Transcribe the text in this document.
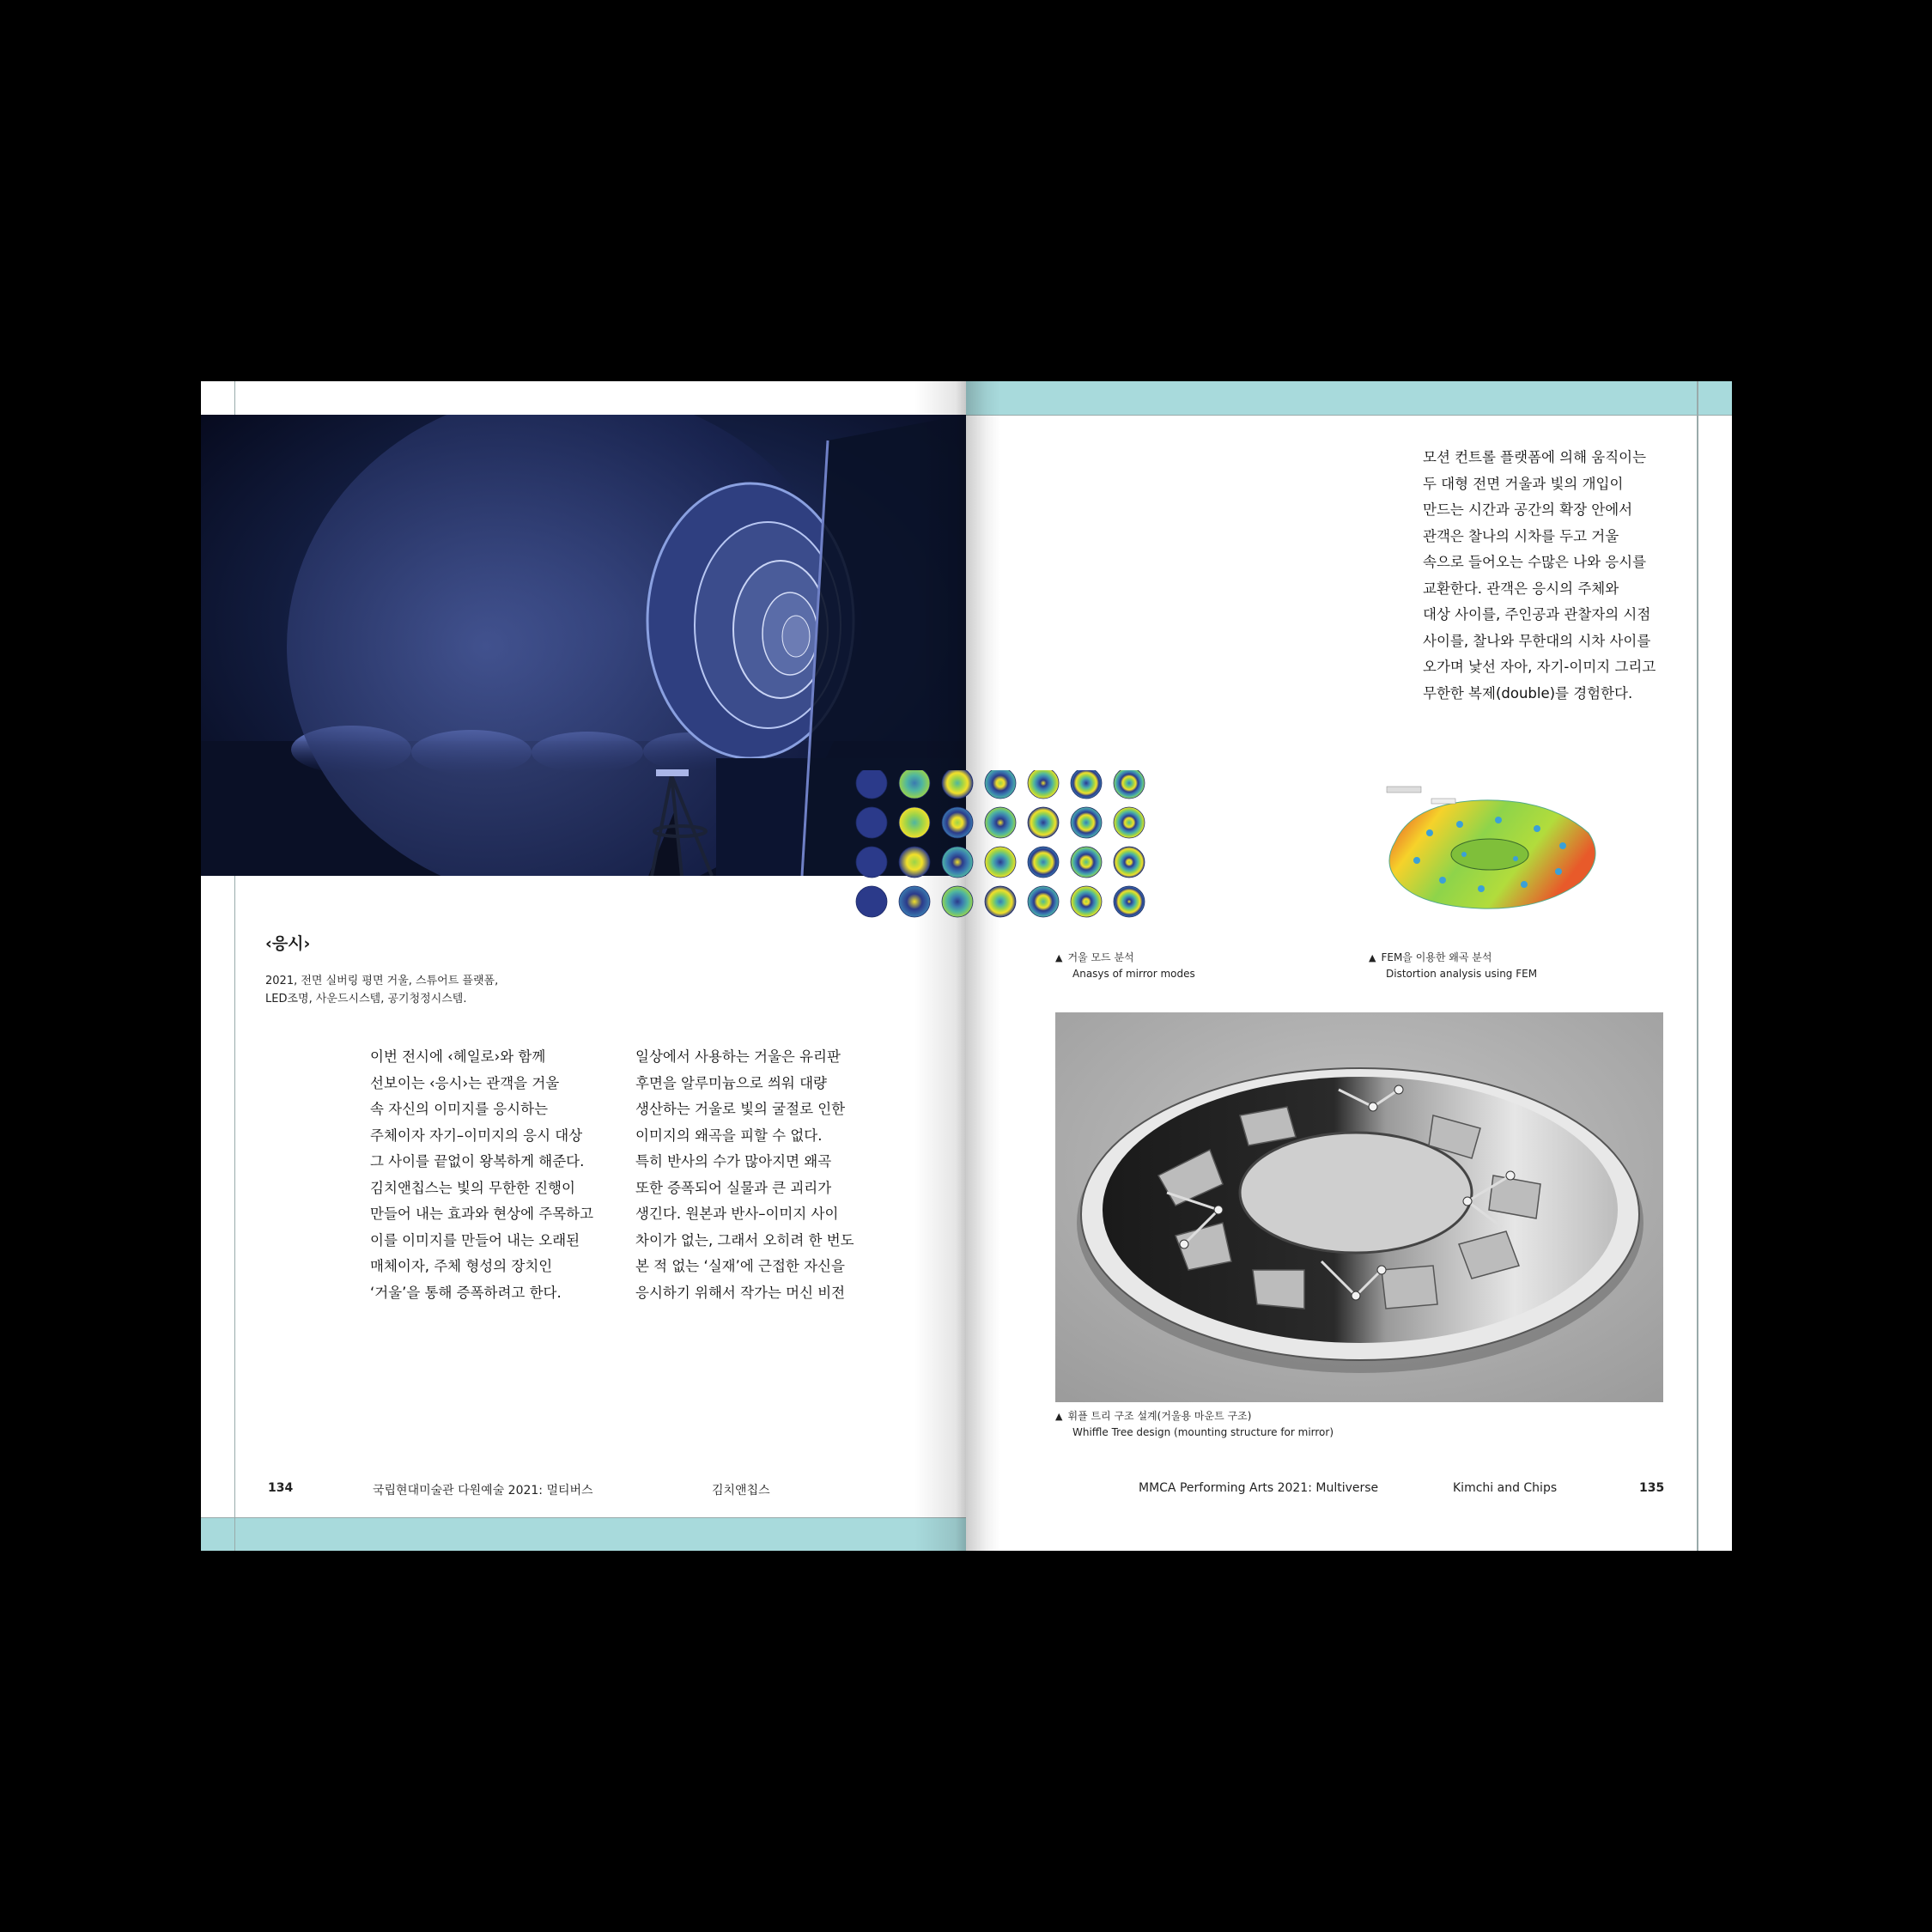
‹응시›
2021, 전면 실버링 평면 거울, 스튜어트 플랫폼,
LED조명, 사운드시스템, 공기청정시스템.
134	국립현대미술관 다원예술 2021: 멀티버스	김치앤칩스
모션 컨트롤 플랫폼에 의해 움직이는
두 대형 전면 거울과 빛의 개입이
만드는 시간과 공간의 확장 안에서
관객은 찰나의 시차를 두고 거울
속으로 들어오는 수많은 나와 응시를
교환한다. 관객은 응시의 주체와
대상 사이를, 주인공과 관찰자의 시점
사이를, 찰나와 무한대의 시차 사이를
오가며 낯선 자아, 자기-이미지 그리고
무한한 복제(double)를 경험한다.
이번 전시에 ‹헤일로›와 함께
선보이는 ‹응시›는 관객을 거울
속 자신의 이미지를 응시하는
주체이자 자기–이미지의 응시 대상
그 사이를 끝없이 왕복하게 해준다.
김치앤칩스는 빛의 무한한 진행이
만들어 내는 효과와 현상에 주목하고
이를 이미지를 만들어 내는 오래된
매체이자, 주체 형성의 장치인
‘거울’을 통해 증폭하려고 한다.
일상에서 사용하는 거울은 유리판
후면을 알루미늄으로 씌워 대량
생산하는 거울로 빛의 굴절로 인한
이미지의 왜곡을 피할 수 없다.
특히 반사의 수가 많아지면 왜곡
또한 증폭되어 실물과 큰 괴리가
생긴다. 원본과 반사–이미지 사이
차이가 없는, 그래서 오히려 한 번도
본 적 없는 ‘실재’에 근접한 자신을
응시하기 위해서 작가는 머신 비전
▲ 거울 모드 분석
Anasys of mirror modes
▲ FEM을 이용한 왜곡 분석
Distortion analysis using FEM
▲ 휘플 트리 구조 설계(거울용 마운트 구조)
Whiffle Tree design (mounting structure for mirror)
MMCA Performing Arts 2021: Multiverse	Kimchi and Chips	135
